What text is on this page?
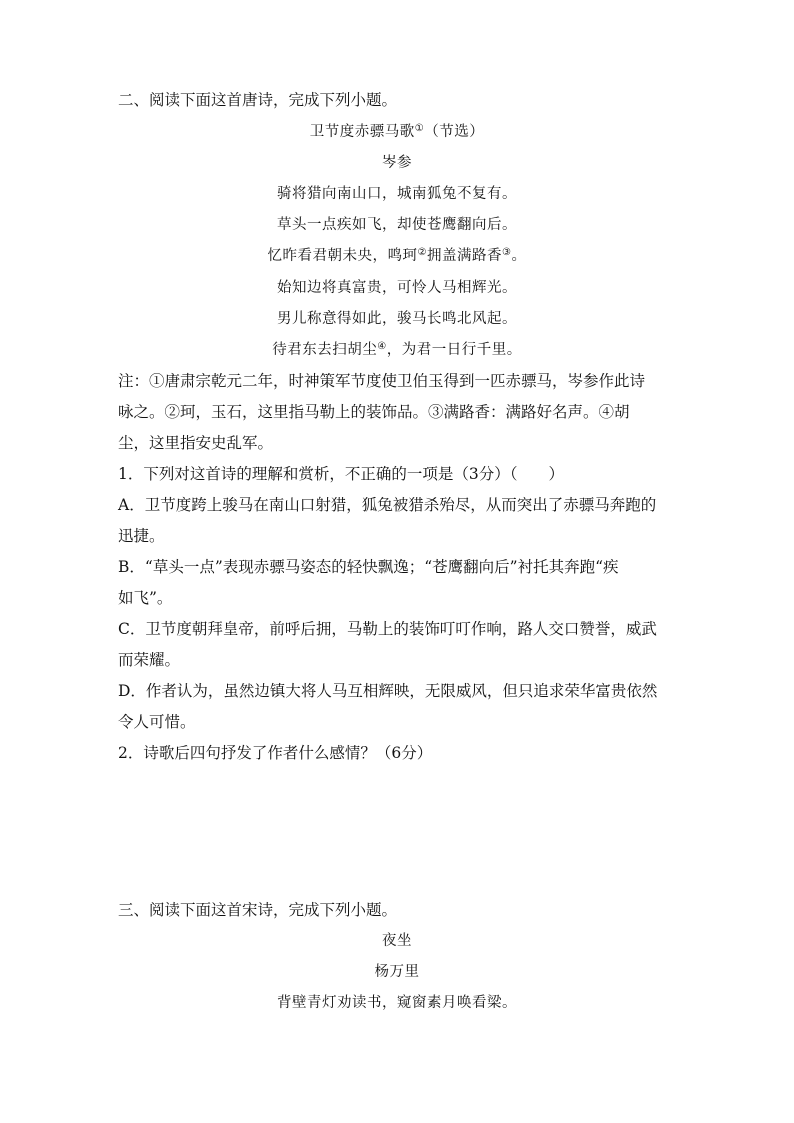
二、阅读下面这首唐诗，完成下列小题。
卫节度赤骠马歌①（节选）
岑参
骑将猎向南山口，城南狐兔不复有。
草头一点疾如飞，却使苍鹰翻向后。
忆昨看君朝未央，鸣珂②拥盖满路香③。
始知边将真富贵，可怜人马相辉光。
男儿称意得如此，骏马长鸣北风起。
待君东去扫胡尘④，为君一日行千里。
注：①唐肃宗乾元二年，时神策军节度使卫伯玉得到一匹赤骠马，岑参作此诗
咏之。②珂，玉石，这里指马勒上的装饰品。③满路香：满路好名声。④胡
尘，这里指安史乱军。
1．下列对这首诗的理解和赏析，不正确的一项是（3分）（　　）
A．卫节度跨上骏马在南山口射猎，狐兔被猎杀殆尽，从而突出了赤骠马奔跑的
迅捷。
B．“草头一点”表现赤骠马姿态的轻快飘逸；“苍鹰翻向后”衬托其奔跑“疾
如飞”。
C．卫节度朝拜皇帝，前呼后拥，马勒上的装饰叮叮作响，路人交口赞誉，威武
而荣耀。
D．作者认为，虽然边镇大将人马互相辉映，无限威风，但只追求荣华富贵依然
令人可惜。
2．诗歌后四句抒发了作者什么感情？（6分）
三、阅读下面这首宋诗，完成下列小题。
夜坐
杨万里
背壁青灯劝读书，窥窗素月唤看梁。
